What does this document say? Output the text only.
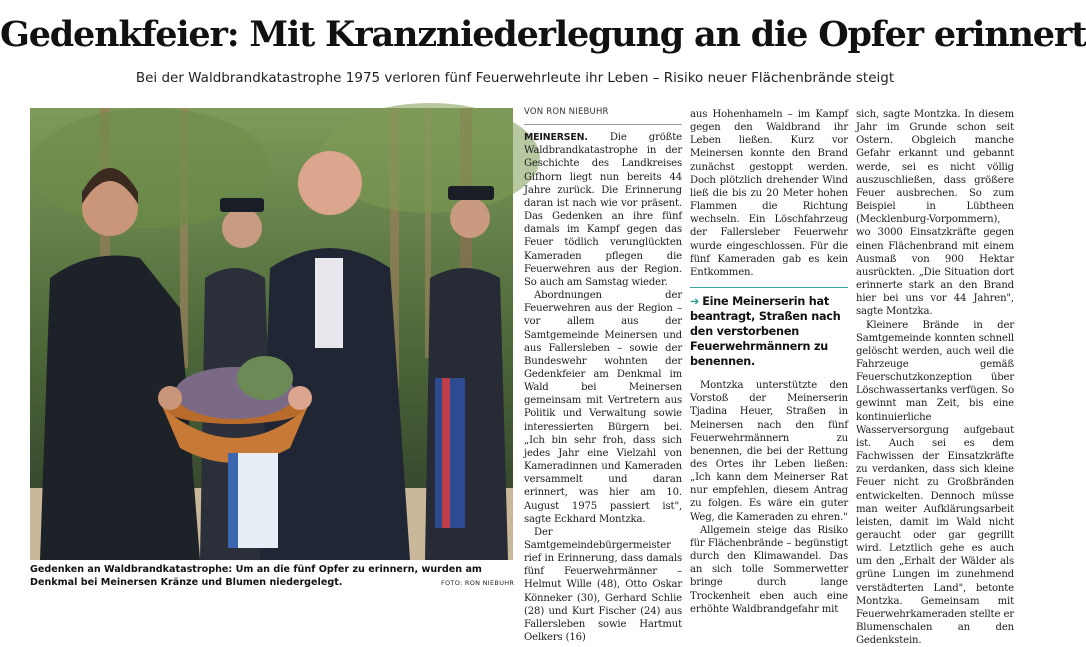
Gedenkfeier: Mit Kranzniederlegung an die Opfer erinnert
Bei der Waldbrandkatastrophe 1975 verloren fünf Feuerwehrleute ihr Leben – Risiko neuer Flächenbrände steigt
Gedenken an Waldbrandkatastrophe: Um an die fünf Opfer zu erinnern, wurden am Denkmal bei Meinersen Kränze und Blumen niedergelegt.	FOTO: RON NIEBUHR
VON RON NIEBUHR

MEINERSEN. Die größte Waldbrandkatastrophe in der Geschichte des Landkreises Gifhorn liegt nun bereits 44 Jahre zurück. Die Erinnerung daran ist nach wie vor präsent. Das Gedenken an ihre fünf damals im Kampf gegen das Feuer tödlich verunglückten Kameraden pflegen die Feuerwehren aus der Region. So auch am Samstag wieder.

Abordnungen der Feuerwehren aus der Region – vor allem aus der Samtgemeinde Meinersen und aus Fallersleben – sowie der Bundeswehr wohnten der Gedenkfeier am Denkmal im Wald bei Meinersen gemeinsam mit Vertretern aus Politik und Verwaltung sowie interessierten Bürgern bei. „Ich bin sehr froh, dass sich jedes Jahr eine Vielzahl von Kameradinnen und Kameraden versammelt und daran erinnert, was hier am 10. August 1975 passiert ist", sagte Eckhard Montzka.

Der Samtgemeindebürgermeister rief in Erinnerung, dass damals fünf Feuerwehrmänner – Helmut Wille (48), Otto Oskar Könneker (30), Gerhard Schlie (28) und Kurt Fischer (24) aus Fallersleben sowie Hartmut Oelkers (16)

aus Hohenhameln – im Kampf gegen den Waldbrand ihr Leben ließen. Kurz vor Meinersen konnte den Brand zunächst gestoppt werden. Doch plötzlich drehender Wind ließ die bis zu 20 Meter hohen Flammen die Richtung wechseln. Ein Löschfahrzeug der Fallersleber Feuerwehr wurde eingeschlossen. Für die fünf Kameraden gab es kein Entkommen.

➜ Eine Meinerserin hat beantragt, Straßen nach den verstorbenen Feuerwehrmännern zu benennen.

Montzka unterstützte den Vorstoß der Meinerserin Tjadina Heuer, Straßen in Meinersen nach den fünf Feuerwehrmännern zu benennen, die bei der Rettung des Ortes ihr Leben ließen: „Ich kann dem Meinerser Rat nur empfehlen, diesem Antrag zu folgen. Es wäre ein guter Weg, die Kameraden zu ehren."

Allgemein steige das Risiko für Flächenbrände – begünstigt durch den Klimawandel. Das an sich tolle Sommerwetter bringe durch lange Trockenheit eben auch eine erhöhte Waldbrandgefahr mit

sich, sagte Montzka. In diesem Jahr im Grunde schon seit Ostern. Obgleich manche Gefahr erkannt und gebannt werde, sei es nicht völlig auszuschließen, dass größere Feuer ausbrechen. So zum Beispiel in Lübtheen (Mecklenburg-Vorpommern), wo 3000 Einsatzkräfte gegen einen Flächenbrand mit einem Ausmaß von 900 Hektar ausrückten. „Die Situation dort erinnerte stark an den Brand hier bei uns vor 44 Jahren", sagte Montzka.

Kleinere Brände in der Samtgemeinde konnten schnell gelöscht werden, auch weil die Fahrzeuge gemäß Feuerschutzkonzeption über Löschwassertanks verfügen. So gewinnt man Zeit, bis eine kontinuierliche Wasserversorgung aufgebaut ist. Auch sei es dem Fachwissen der Einsatzkräfte zu verdanken, dass sich kleine Feuer nicht zu Großbränden entwickelten. Dennoch müsse man weiter Aufklärungsarbeit leisten, damit im Wald nicht geraucht oder gar gegrillt wird. Letztlich gehe es auch um den „Erhalt der Wälder als grüne Lungen im zunehmend verstädterten Land", betonte Montzka. Gemeinsam mit Feuerwehrkameraden stellte er Blumenschalen an den Gedenkstein.
